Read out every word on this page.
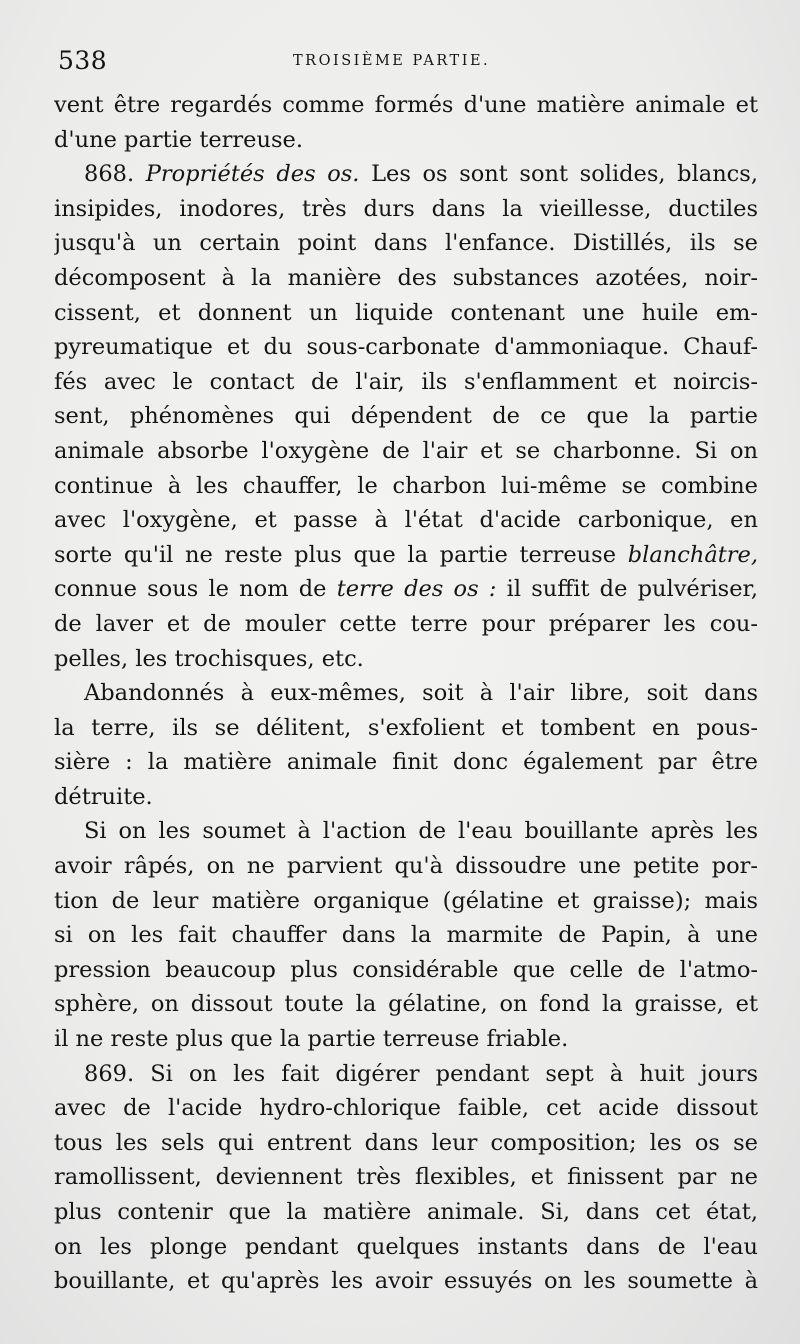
538	TROISIÈME PARTIE.
vent être regardés comme formés d'une matière animale et
d'une partie terreuse.
868. Propriétés des os. Les os sont sont solides, blancs,
insipides, inodores, très durs dans la vieillesse, ductiles
jusqu'à un certain point dans l'enfance. Distillés, ils se
décomposent à la manière des substances azotées, noir-
cissent, et donnent un liquide contenant une huile em-
pyreumatique et du sous-carbonate d'ammoniaque. Chauf-
fés avec le contact de l'air, ils s'enflamment et noircis-
sent, phénomènes qui dépendent de ce que la partie
animale absorbe l'oxygène de l'air et se charbonne. Si on
continue à les chauffer, le charbon lui-même se combine
avec l'oxygène, et passe à l'état d'acide carbonique, en
sorte qu'il ne reste plus que la partie terreuse blanchâtre,
connue sous le nom de terre des os : il suffit de pulvériser,
de laver et de mouler cette terre pour préparer les cou-
pelles, les trochisques, etc.
Abandonnés à eux-mêmes, soit à l'air libre, soit dans
la terre, ils se délitent, s'exfolient et tombent en pous-
sière : la matière animale finit donc également par être
détruite.
Si on les soumet à l'action de l'eau bouillante après les
avoir râpés, on ne parvient qu'à dissoudre une petite por-
tion de leur matière organique (gélatine et graisse); mais
si on les fait chauffer dans la marmite de Papin, à une
pression beaucoup plus considérable que celle de l'atmo-
sphère, on dissout toute la gélatine, on fond la graisse, et
il ne reste plus que la partie terreuse friable.
869. Si on les fait digérer pendant sept à huit jours
avec de l'acide hydro-chlorique faible, cet acide dissout
tous les sels qui entrent dans leur composition; les os se
ramollissent, deviennent très flexibles, et finissent par ne
plus contenir que la matière animale. Si, dans cet état,
on les plonge pendant quelques instants dans de l'eau
bouillante, et qu'après les avoir essuyés on les soumette à
